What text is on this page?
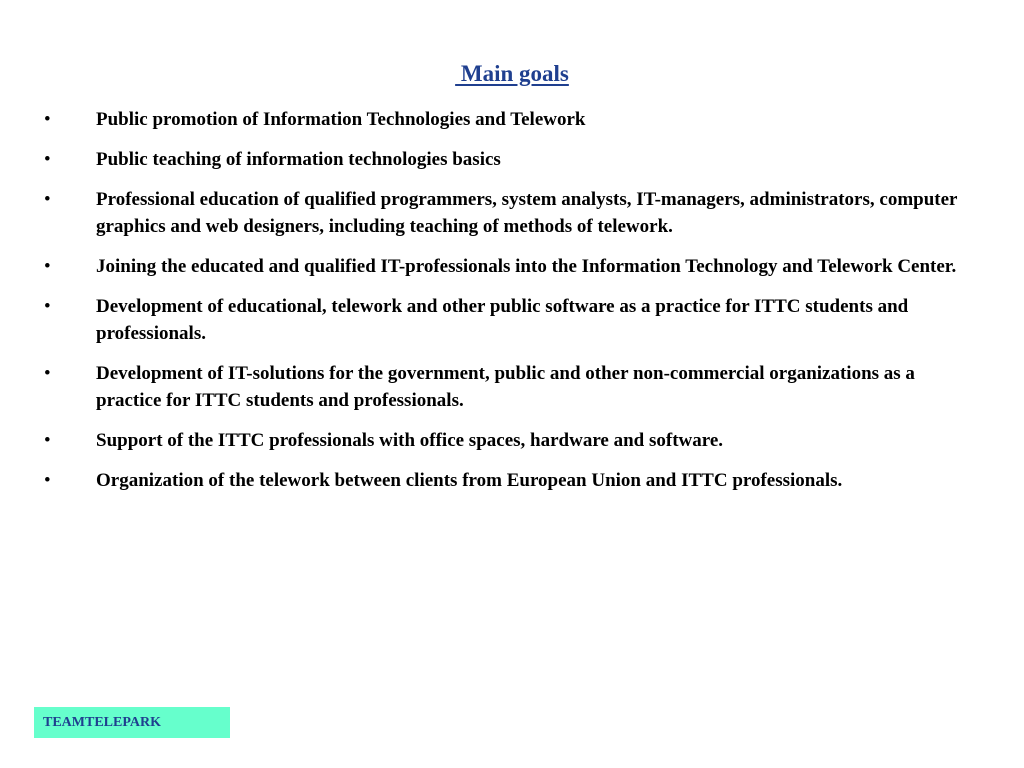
Main goals
• Public promotion of Information Technologies and Telework
• Public teaching of information technologies basics
• Professional education of qualified programmers, system analysts, IT-managers, administrators, computer graphics and web designers, including teaching of methods of telework.
• Joining the educated and qualified IT-professionals into the Information Technology and Telework Center.
• Development of educational, telework and other public software as a practice for ITTC students and professionals.
• Development of IT-solutions for the government, public and other non-commercial organizations as a practice for ITTC students and professionals.
• Support of the ITTC professionals with office spaces, hardware and software.
• Organization of the telework between clients from European Union and ITTC professionals.
TEAMTELEPARK
